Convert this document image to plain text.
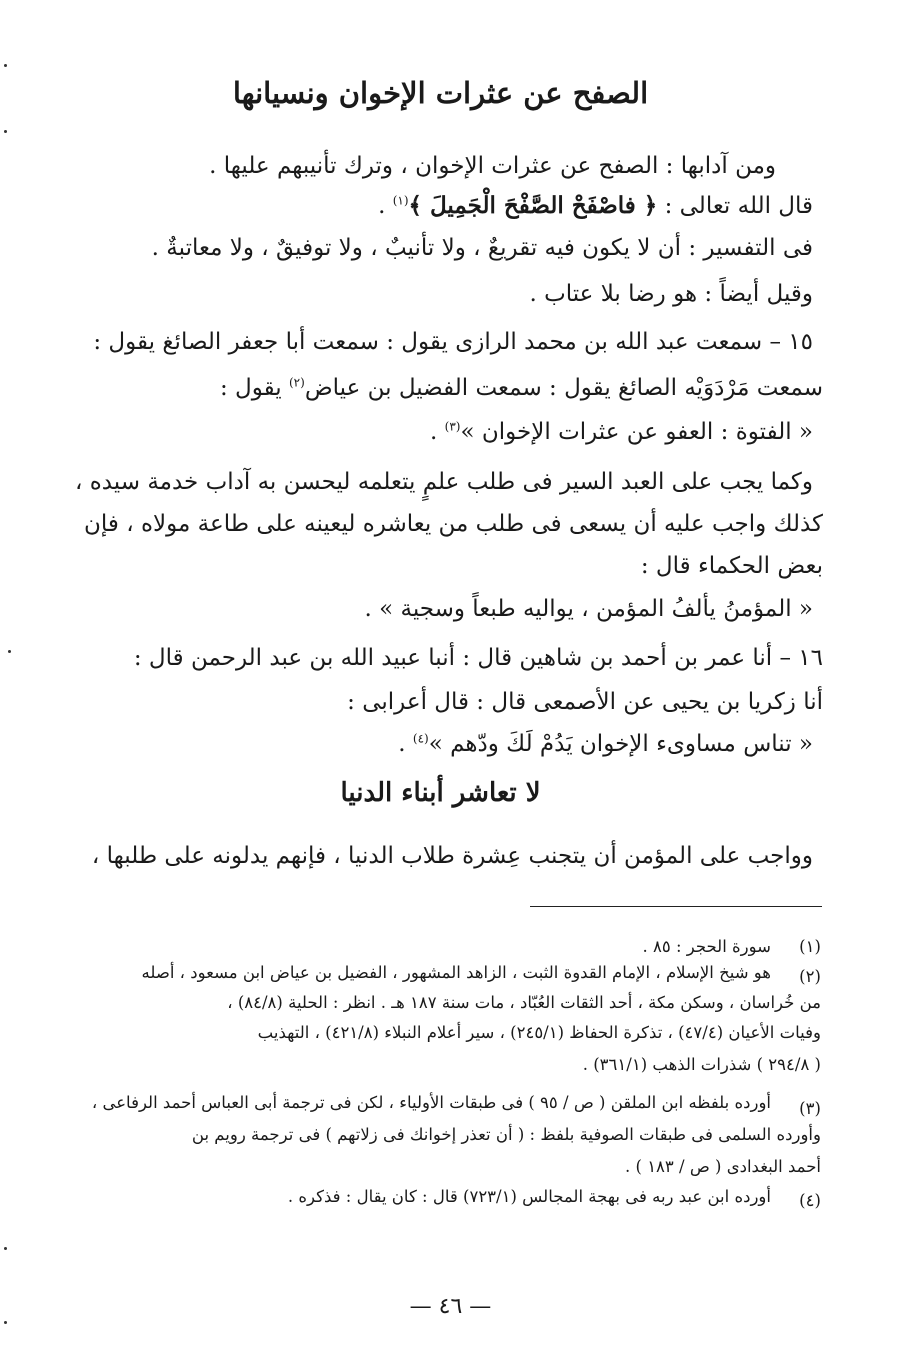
الصفح عن عثرات الإخوان ونسيانها

ومن آدابها : الصفح عن عثرات الإخوان ، وترك تأنيبهم عليها .

قال الله تعالى : ﴿ فاصْفَحْ الصَّفْحَ الْجَمِيلَ ﴾$^{(١)}$ .

فى التفسير : أن لا يكون فيه تقريعٌ ، ولا تأنيبٌ ، ولا توفيقٌ ، ولا معاتبةٌ .

وقيل أيضاً : هو رضا بلا عتاب .

١٥ – سمعت عبد الله بن محمد الرازى يقول : سمعت أبا جعفر الصائغ يقول :

سمعت مَرْدَوَيْه الصائغ يقول : سمعت الفضيل بن عياض$^{(٢)}$ يقول :

« الفتوة : العفو عن عثرات الإخوان »$^{(٣)}$ .

وكما يجب على العبد السير فى طلب علمٍ يتعلمه ليحسن به آداب خدمة سيده ،

كذلك واجب عليه أن يسعى فى طلب من يعاشره ليعينه على طاعة مولاه ، فإن

بعض الحكماء قال :

« المؤمنُ يألفُ المؤمن ، يواليه طبعاً وسجية » .

١٦ – أنا عمر بن أحمد بن شاهين قال : أنبا عبيد الله بن عبد الرحمن قال :

أنا زكريا بن يحيى عن الأصمعى قال : قال أعرابى :

« تناس مساوىء الإخوان يَدُمْ لَكَ ودّهم »$^{(٤)}$ .

لا تعاشر أبناء الدنيا

وواجب على المؤمن أن يتجنب عِشرة طلاب الدنيا ، فإنهم يدلونه على طلبها ،

(١)

سورة الحجر : ٨٥ .

(٢)

هو شيخ الإسلام ، الإمام القدوة الثبت ، الزاهد المشهور ، الفضيل بن عياض ابن مسعود ، أصله

من خُراسان ، وسكن مكة ، أحد الثقات العُبّاد ، مات سنة ١٨٧ هـ . انظر : الحلية (٨٤/٨) ،

وفيات الأعيان (٤٧/٤) ، تذكرة الحفاظ (٢٤٥/١) ، سير أعلام النبلاء (٤٢١/٨) ، التهذيب

( ٢٩٤/٨ ) شذرات الذهب (٣٦١/١) .

(٣)

أورده بلفظه ابن الملقن ( ص / ٩٥ ) فى طبقات الأولياء ، لكن فى ترجمة أبى العباس أحمد الرفاعى ،

وأورده السلمى فى طبقات الصوفية بلفظ : ( أن تعذر إخوانك فى زلاتهم ) فى ترجمة رويم بن

أحمد البغدادى ( ص / ١٨٣ ) .

(٤)

أورده ابن عبد ربه فى بهجة المجالس (٧٢٣/١) قال : كان يقال : فذكره .

— ٤٦ —
